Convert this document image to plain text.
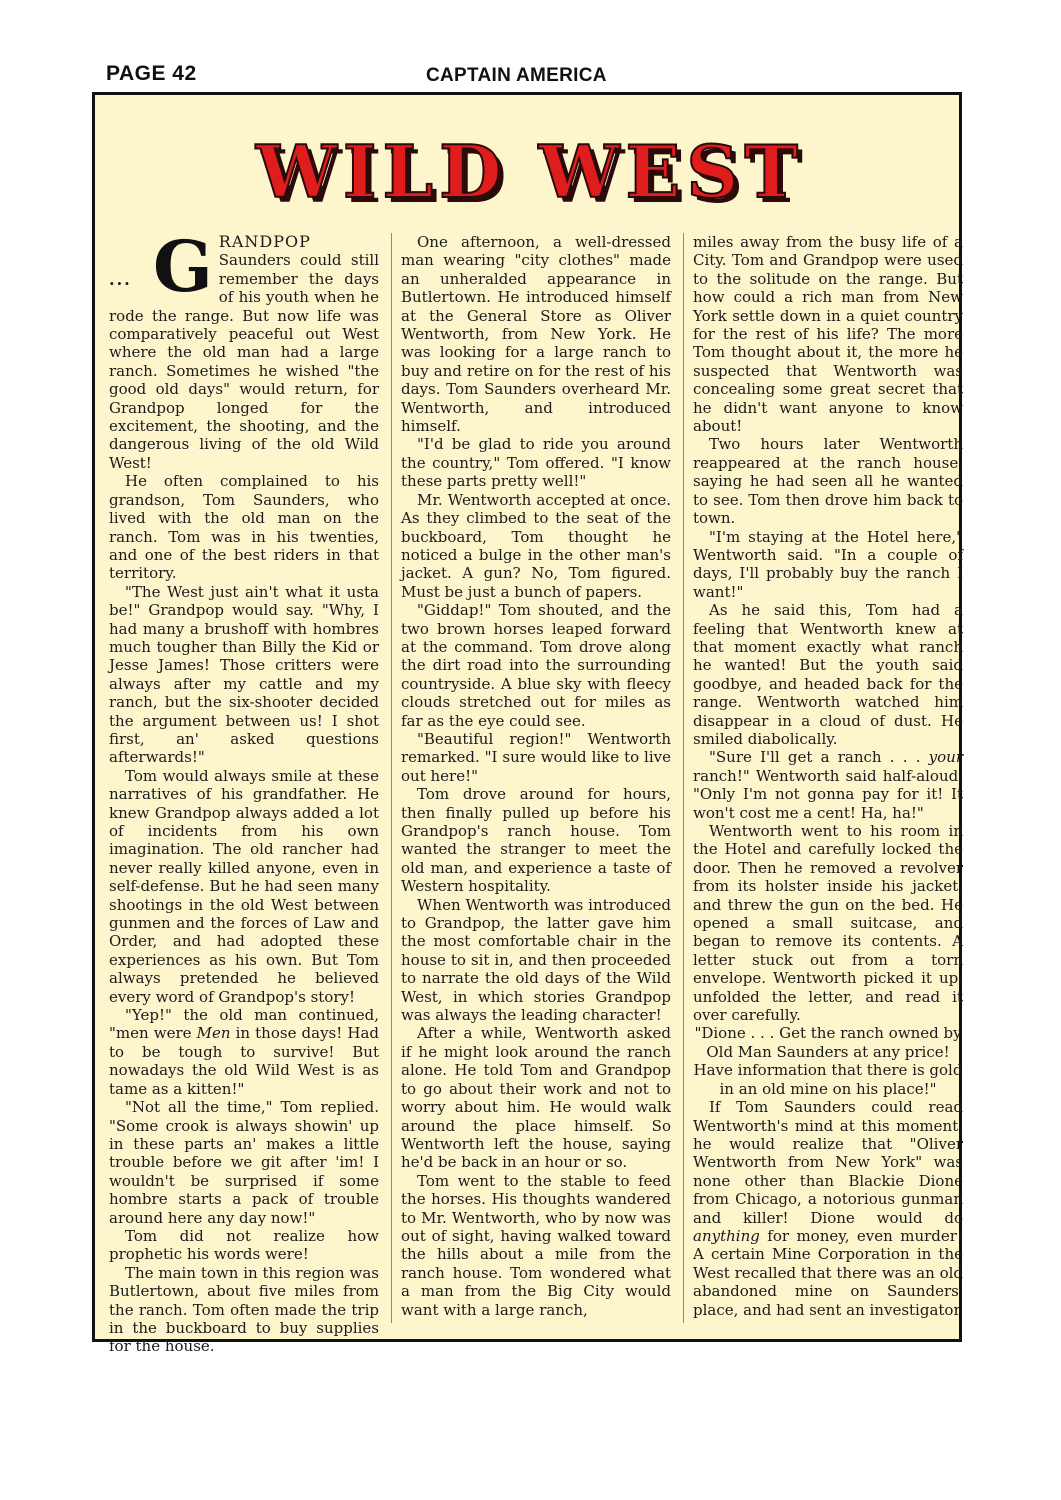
PAGE 42	CAPTAIN AMERICA
WILD WEST
... G RANDPOP Saunders could still remember the days of his youth when he rode the range. But now life was comparatively peaceful out West where the old man had a large ranch. Sometimes he wished "the good old days" would return, for Grandpop longed for the excitement, the shooting, and the dangerous living of the old Wild West!

He often complained to his grandson, Tom Saunders, who lived with the old man on the ranch. Tom was in his twenties, and one of the best riders in that territory.

"The West just ain't what it usta be!" Grandpop would say. "Why, I had many a brushoff with hombres much tougher than Billy the Kid or Jesse James! Those critters were always after my cattle and my ranch, but the six-shooter decided the argument between us! I shot first, an' asked questions afterwards!"

Tom would always smile at these narratives of his grandfather. He knew Grandpop always added a lot of incidents from his own imagination. The old rancher had never really killed anyone, even in self-defense. But he had seen many shootings in the old West between gunmen and the forces of Law and Order, and had adopted these experiences as his own. But Tom always pretended he believed every word of Grandpop's story!

"Yep!" the old man continued, "men were Men in those days! Had to be tough to survive! But nowadays the old Wild West is as tame as a kitten!"

"Not all the time," Tom replied. "Some crook is always showin' up in these parts an' makes a little trouble before we git after 'im! I wouldn't be surprised if some hombre starts a pack of trouble around here any day now!"

Tom did not realize how prophetic his words were!

The main town in this region was Butlertown, about five miles from the ranch. Tom often made the trip in the buckboard to buy supplies for the house.

One afternoon, a well-dressed man wearing "city clothes" made an unheralded appearance in Butlertown. He introduced himself at the General Store as Oliver Wentworth, from New York. He was looking for a large ranch to buy and retire on for the rest of his days. Tom Saunders overheard Mr. Wentworth, and introduced himself.

"I'd be glad to ride you around the country," Tom offered. "I know these parts pretty well!"

Mr. Wentworth accepted at once. As they climbed to the seat of the buckboard, Tom thought he noticed a bulge in the other man's jacket. A gun? No, Tom figured. Must be just a bunch of papers.

"Giddap!" Tom shouted, and the two brown horses leaped forward at the command. Tom drove along the dirt road into the surrounding countryside. A blue sky with fleecy clouds stretched out for miles as far as the eye could see.

"Beautiful region!" Wentworth remarked. "I sure would like to live out here!"

Tom drove around for hours, then finally pulled up before his Grandpop's ranch house. Tom wanted the stranger to meet the old man, and experience a taste of Western hospitality.

When Wentworth was introduced to Grandpop, the latter gave him the most comfortable chair in the house to sit in, and then proceeded to narrate the old days of the Wild West, in which stories Grandpop was always the leading character!

After a while, Wentworth asked if he might look around the ranch alone. He told Tom and Grandpop to go about their work and not to worry about him. He would walk around the place himself. So Wentworth left the house, saying he'd be back in an hour or so.

Tom went to the stable to feed the horses. His thoughts wandered to Mr. Wentworth, who by now was out of sight, having walked toward the hills about a mile from the ranch house. Tom wondered what a man from the Big City would want with a large ranch,

miles away from the busy life of a City. Tom and Grandpop were used to the solitude on the range. But how could a rich man from New York settle down in a quiet country for the rest of his life? The more Tom thought about it, the more he suspected that Wentworth was concealing some great secret that he didn't want anyone to know about!

Two hours later Wentworth reappeared at the ranch house, saying he had seen all he wanted to see. Tom then drove him back to town.

"I'm staying at the Hotel here," Wentworth said. "In a couple of days, I'll probably buy the ranch I want!"

As he said this, Tom had a feeling that Wentworth knew at that moment exactly what ranch he wanted! But the youth said goodbye, and headed back for the range. Wentworth watched him disappear in a cloud of dust. He smiled diabolically.

"Sure I'll get a ranch . . . your ranch!" Wentworth said half-aloud. "Only I'm not gonna pay for it! It won't cost me a cent! Ha, ha!"

Wentworth went to his room in the Hotel and carefully locked the door. Then he removed a revolver from its holster inside his jacket, and threw the gun on the bed. He opened a small suitcase, and began to remove its contents. A letter stuck out from a torn envelope. Wentworth picked it up, unfolded the letter, and read it over carefully.

"Dione . . . Get the ranch owned by Old Man Saunders at any price! Have information that there is gold in an old mine on his place!"

If Tom Saunders could read Wentworth's mind at this moment, he would realize that "Oliver Wentworth from New York" was none other than Blackie Dione from Chicago, a notorious gunman and killer! Dione would do anything for money, even murder! A certain Mine Corporation in the West recalled that there was an old abandoned mine on Saunders' place, and had sent an investigator
